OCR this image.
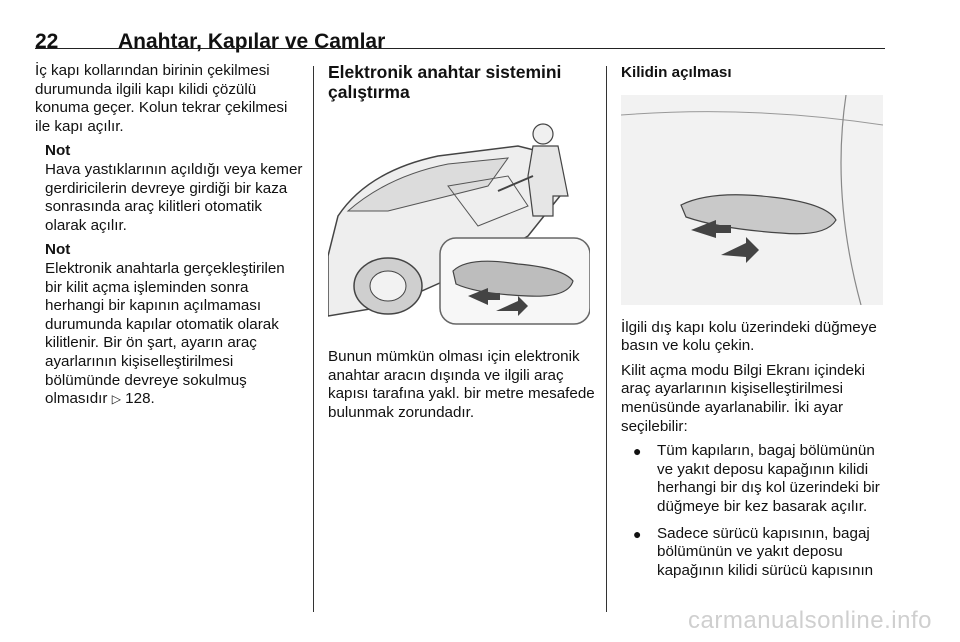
22	Anahtar, Kapılar ve Camlar

İç kapı kollarından birinin çekilmesi durumunda ilgili kapı kilidi çözülü konuma geçer. Kolun tekrar çekilmesi ile kapı açılır.

Not

Hava yastıklarının açıldığı veya kemer gerdiricilerin devreye girdiği bir kaza sonrasında araç kilitleri otomatik olarak açılır.

Not

Elektronik anahtarla gerçekleştirilen bir kilit açma işleminden sonra herhangi bir kapının açılmaması durumunda kapılar otomatik olarak kilitlenir. Bir ön şart, ayarın araç ayarlarının kişiselleştirilmesi bölümünde devreye sokulmuş olmasıdır ▷ 128.

Elektronik anahtar sistemini çalıştırma

Bunun mümkün olması için elektronik anahtar aracın dışında ve ilgili araç kapısı tarafına yakl. bir metre mesafede bulunmak zorundadır.

Kilidin açılması

İlgili dış kapı kolu üzerindeki düğmeye basın ve kolu çekin.

Kilit açma modu Bilgi Ekranı içindeki araç ayarlarının kişiselleştirilmesi menüsünde ayarlanabilir. İki ayar seçilebilir:

● Tüm kapıların, bagaj bölümünün ve yakıt deposu kapağının kilidi herhangi bir dış kol üzerindeki bir düğmeye bir kez basarak açılır.
● Sadece sürücü kapısının, bagaj bölümünün ve yakıt deposu kapağının kilidi sürücü kapısının
carmanualsonline.info
